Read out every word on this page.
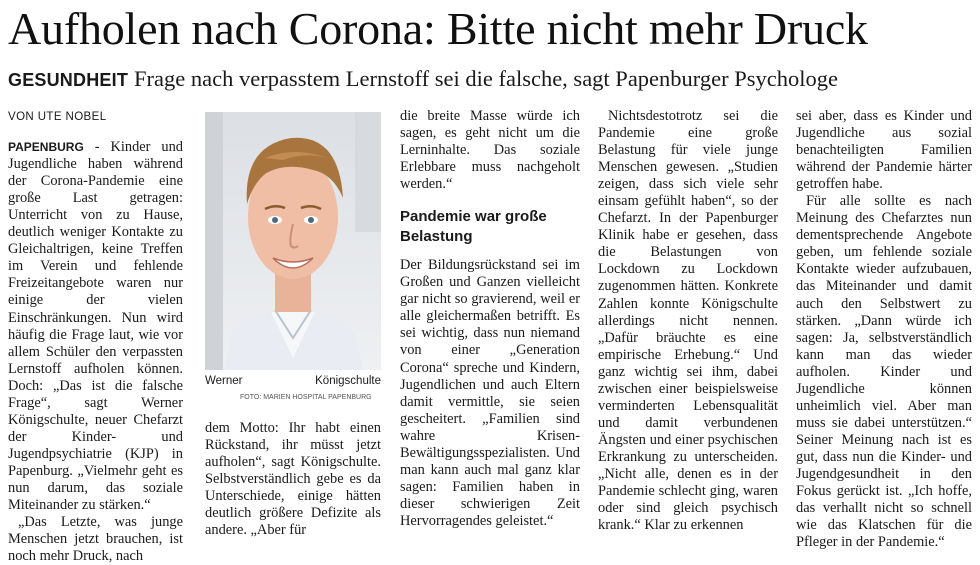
Aufholen nach Corona: Bitte nicht mehr Druck
GESUNDHEIT Frage nach verpasstem Lernstoff sei die falsche, sagt Papenburger Psychologe
VON UTE NOBEL

PAPENBURG - Kinder und Jugendliche haben während der Corona-Pandemie eine große Last getragen: Unterricht von zu Hause, deutlich weniger Kontakte zu Gleichaltrigen, keine Treffen im Verein und fehlende Freizeitangebote waren nur einige der vielen Einschränkungen. Nun wird häufig die Frage laut, wie vor allem Schüler den verpassten Lernstoff aufholen können. Doch: „Das ist die falsche Frage“, sagt Werner Königschulte, neuer Chefarzt der Kinder- und Jugendpsychiatrie (KJP) in Papenburg. „Vielmehr geht es nun darum, das soziale Miteinander zu stärken.“

„Das Letzte, was junge Menschen jetzt brauchen, ist noch mehr Druck, nach

Werner	Königschulte
FOTO: MARIEN HOSPITAL PAPENBURG

dem Motto: Ihr habt einen Rückstand, ihr müsst jetzt aufholen“, sagt Königschulte. Selbstverständlich gebe es da Unterschiede, einige hätten deutlich größere Defizite als andere. „Aber für

die breite Masse würde ich sagen, es geht nicht um die Lerninhalte. Das soziale Erlebbare muss nachgeholt werden.“

Pandemie war große Belastung

Der Bildungsrückstand sei im Großen und Ganzen vielleicht gar nicht so gravierend, weil er alle gleichermaßen betrifft. Es sei wichtig, dass nun niemand von einer „Generation Corona“ spreche und Kindern, Jugendlichen und auch Eltern damit vermittle, sie seien gescheitert. „Familien sind wahre Krisen-Bewältigungsspezialisten. Und man kann auch mal ganz klar sagen: Familien haben in dieser schwierigen Zeit Hervorragendes geleistet.“

Nichtsdestotrotz sei die Pandemie eine große Belastung für viele junge Menschen gewesen. „Studien zeigen, dass sich viele sehr einsam gefühlt haben“, so der Chefarzt. In der Papenburger Klinik habe er gesehen, dass die Belastungen von Lockdown zu Lockdown zugenommen hätten. Konkrete Zahlen konnte Königschulte allerdings nicht nennen. „Dafür bräuchte es eine empirische Erhebung.“ Und ganz wichtig sei ihm, dabei zwischen einer beispielsweise verminderten Lebensqualität und damit verbundenen Ängsten und einer psychischen Erkrankung zu unterscheiden. „Nicht alle, denen es in der Pandemie schlecht ging, waren oder sind gleich psychisch krank.“ Klar zu erkennen

sei aber, dass es Kinder und Jugendliche aus sozial benachteiligten Familien während der Pandemie härter getroffen habe.

Für alle sollte es nach Meinung des Chefarztes nun dementsprechende Angebote geben, um fehlende soziale Kontakte wieder aufzubauen, das Miteinander und damit auch den Selbstwert zu stärken. „Dann würde ich sagen: Ja, selbstverständlich kann man das wieder aufholen. Kinder und Jugendliche können unheimlich viel. Aber man muss sie dabei unterstützen.“ Seiner Meinung nach ist es gut, dass nun die Kinder- und Jugendgesundheit in den Fokus gerückt ist. „Ich hoffe, das verhallt nicht so schnell wie das Klatschen für die Pfleger in der Pandemie.“
